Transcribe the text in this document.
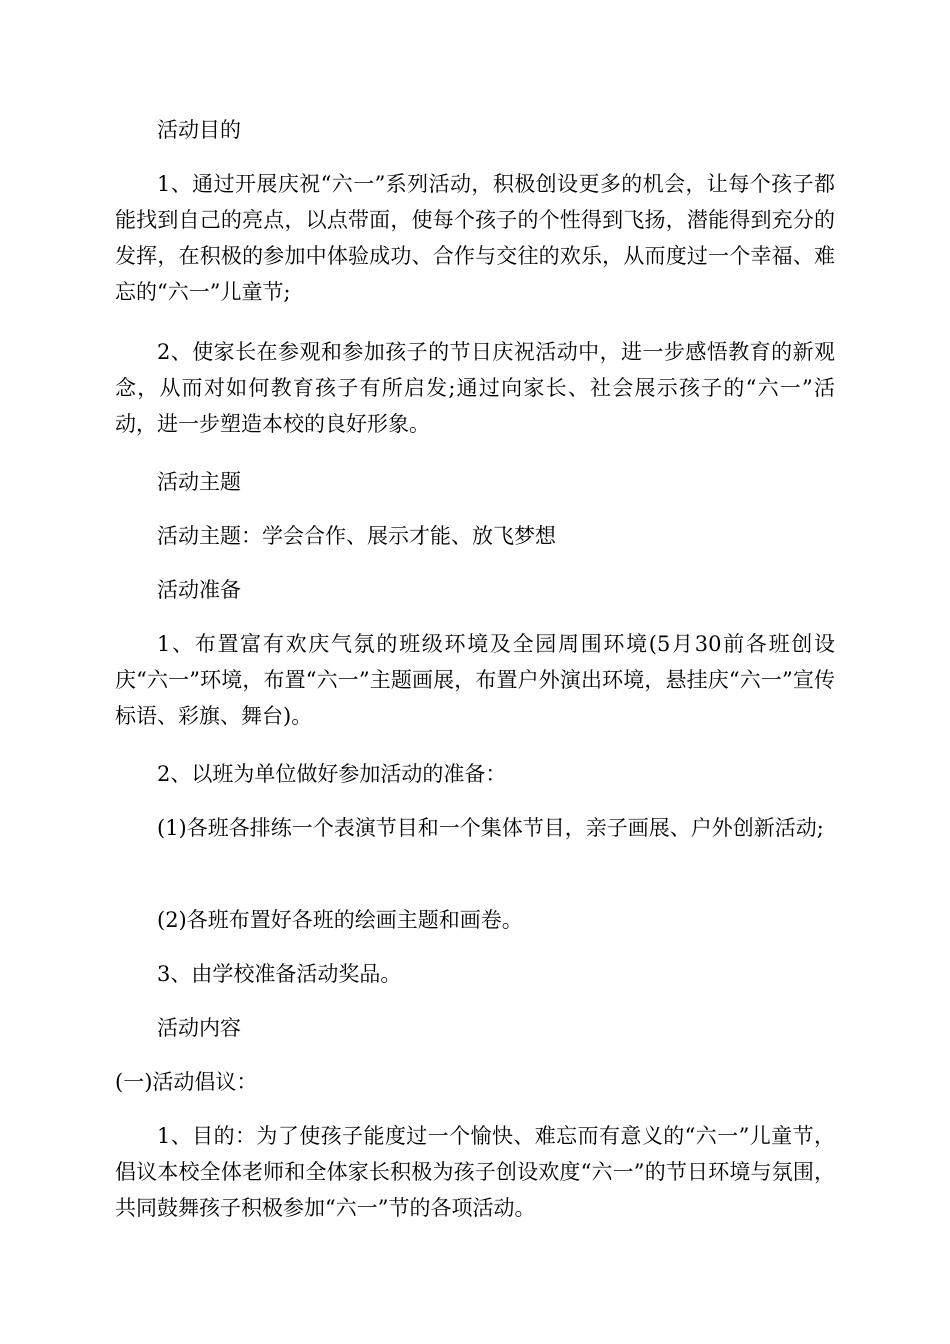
活动目的

1、通过开展庆祝“六一”系列活动，积极创设更多的机会，让每个孩子都能找到自己的亮点，以点带面，使每个孩子的个性得到飞扬，潜能得到充分的发挥，在积极的参加中体验成功、合作与交往的欢乐，从而度过一个幸福、难忘的“六一”儿童节;

2、使家长在参观和参加孩子的节日庆祝活动中，进一步感悟教育的新观念，从而对如何教育孩子有所启发;通过向家长、社会展示孩子的“六一”活动，进一步塑造本校的良好形象。

活动主题

活动主题：学会合作、展示才能、放飞梦想

活动准备

1、布置富有欢庆气氛的班级环境及全园周围环境(5月30前各班创设庆“六一”环境，布置“六一”主题画展，布置户外演出环境，悬挂庆“六一”宣传标语、彩旗、舞台)。

2、以班为单位做好参加活动的准备：

(1)各班各排练一个表演节目和一个集体节目，亲子画展、户外创新活动;

(2)各班布置好各班的绘画主题和画卷。

3、由学校准备活动奖品。

活动内容

(一)活动倡议：

1、目的：为了使孩子能度过一个愉快、难忘而有意义的“六一”儿童节，倡议本校全体老师和全体家长积极为孩子创设欢度“六一”的节日环境与氛围，共同鼓舞孩子积极参加“六一”节的各项活动。
